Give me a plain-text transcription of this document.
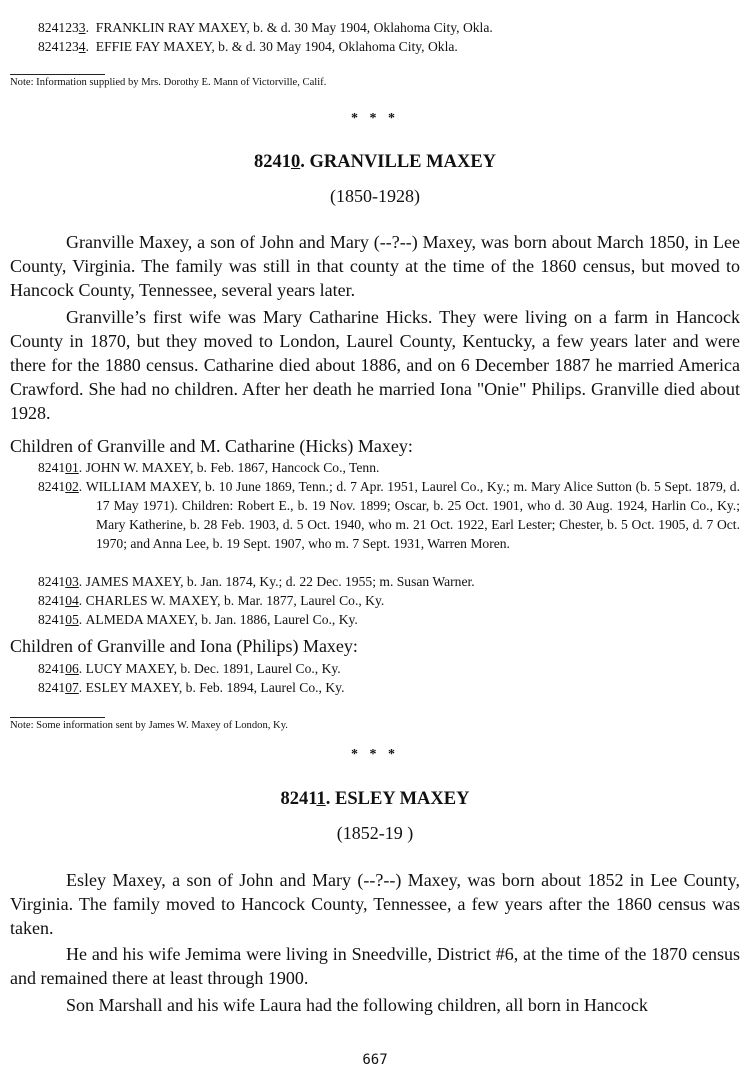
8241233. FRANKLIN RAY MAXEY, b. & d. 30 May 1904, Oklahoma City, Okla.
8241234. EFFIE FAY MAXEY, b. & d. 30 May 1904, Oklahoma City, Okla.
Note: Information supplied by Mrs. Dorothy E. Mann of Victorville, Calif.
* * *
82410. GRANVILLE MAXEY
(1850-1928)

Granville Maxey, a son of John and Mary (--?--) Maxey, was born about March 1850, in Lee County, Virginia. The family was still in that county at the time of the 1860 census, but moved to Hancock County, Tennessee, several years later.

Granville’s first wife was Mary Catharine Hicks. They were living on a farm in Hancock County in 1870, but they moved to London, Laurel County, Kentucky, a few years later and were there for the 1880 census. Catharine died about 1886, and on 6 December 1887 he married America Crawford. She had no children. After her death he married Iona "Onie" Philips. Granville died about 1928.

Children of Granville and M. Catharine (Hicks) Maxey:

824101. JOHN W. MAXEY, b. Feb. 1867, Hancock Co., Tenn.

824102. WILLIAM MAXEY, b. 10 June 1869, Tenn.; d. 7 Apr. 1951, Laurel Co., Ky.; m. Mary Alice Sutton (b. 5 Sept. 1879, d. 17 May 1971). Children: Robert E., b. 19 Nov. 1899; Oscar, b. 25 Oct. 1901, who d. 30 Aug. 1924, Harlin Co., Ky.; Mary Katherine, b. 28 Feb. 1903, d. 5 Oct. 1940, who m. 21 Oct. 1922, Earl Lester; Chester, b. 5 Oct. 1905, d. 7 Oct. 1970; and Anna Lee, b. 19 Sept. 1907, who m. 7 Sept. 1931, Warren Moren.

824103. JAMES MAXEY, b. Jan. 1874, Ky.; d. 22 Dec. 1955; m. Susan Warner.

824104. CHARLES W. MAXEY, b. Mar. 1877, Laurel Co., Ky.

824105. ALMEDA MAXEY, b. Jan. 1886, Laurel Co., Ky.

Children of Granville and Iona (Philips) Maxey:

824106. LUCY MAXEY, b. Dec. 1891, Laurel Co., Ky.

824107. ESLEY MAXEY, b. Feb. 1894, Laurel Co., Ky.

Note: Some information sent by James W. Maxey of London, Ky.
* * *
82411. ESLEY MAXEY
(1852-19 )

Esley Maxey, a son of John and Mary (--?--) Maxey, was born about 1852 in Lee County, Virginia. The family moved to Hancock County, Tennessee, a few years after the 1860 census was taken.

He and his wife Jemima were living in Sneedville, District #6, at the time of the 1870 census and remained there at least through 1900.

Son Marshall and his wife Laura had the following children, all born in Hancock

667
